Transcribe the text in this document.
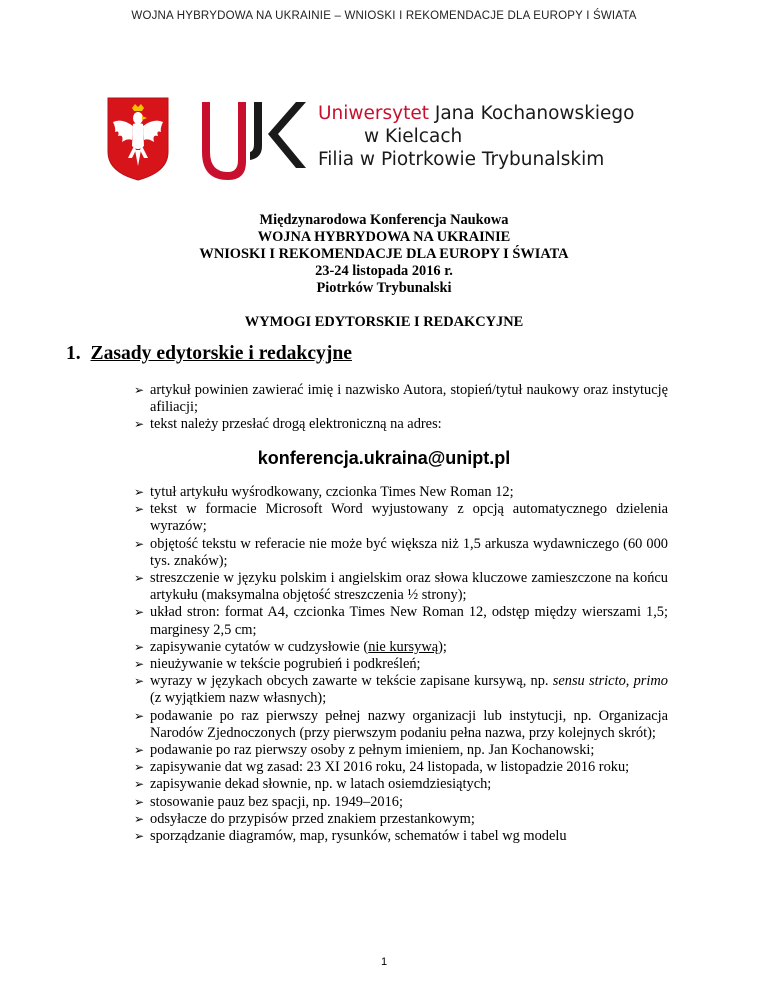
WOJNA HYBRYDOWA NA UKRAINIE – WNIOSKI I REKOMENDACJE DLA EUROPY I ŚWIATA
Uniwersytet Jana Kochanowskiego
w Kielcach
Filia w Piotrkowie Trybunalskim
Międzynarodowa Konferencja Naukowa
WOJNA HYBRYDOWA NA UKRAINIE
WNIOSKI I REKOMENDACJE DLA EUROPY I ŚWIATA
23-24 listopada 2016 r.
Piotrków Trybunalski
WYMOGI EDYTORSKIE I REDAKCYJNE
1. Zasady edytorskie i redakcyjne
➢ artykuł powinien zawierać imię i nazwisko Autora, stopień/tytuł naukowy oraz instytucję afiliacji;
➢ tekst należy przesłać drogą elektroniczną na adres:
konferencja.ukraina@unipt.pl
➢ tytuł artykułu wyśrodkowany, czcionka Times New Roman 12;
➢ tekst w formacie Microsoft Word wyjustowany z opcją automatycznego dzielenia wyrazów;
➢ objętość tekstu w referacie nie może być większa niż 1,5 arkusza wydawniczego (60 000 tys. znaków);
➢ streszczenie w języku polskim i angielskim oraz słowa kluczowe zamieszczone na końcu artykułu (maksymalna objętość streszczenia ½ strony);
➢ układ stron: format A4, czcionka Times New Roman 12, odstęp między wierszami 1,5; marginesy 2,5 cm;
➢ zapisywanie cytatów w cudzysłowie (nie kursywą);
➢ nieużywanie w tekście pogrubień i podkreśleń;
➢ wyrazy w językach obcych zawarte w tekście zapisane kursywą, np. sensu stricto, primo (z wyjątkiem nazw własnych);
➢ podawanie po raz pierwszy pełnej nazwy organizacji lub instytucji, np. Organizacja Narodów Zjednoczonych (przy pierwszym podaniu pełna nazwa, przy kolejnych skrót);
➢ podawanie po raz pierwszy osoby z pełnym imieniem, np. Jan Kochanowski;
➢ zapisywanie dat wg zasad: 23 XI 2016 roku, 24 listopada, w listopadzie 2016 roku;
➢ zapisywanie dekad słownie, np. w latach osiemdziesiątych;
➢ stosowanie pauz bez spacji, np. 1949–2016;
➢ odsyłacze do przypisów przed znakiem przestankowym;
➢ sporządzanie diagramów, map, rysunków, schematów i tabel wg modelu
1
